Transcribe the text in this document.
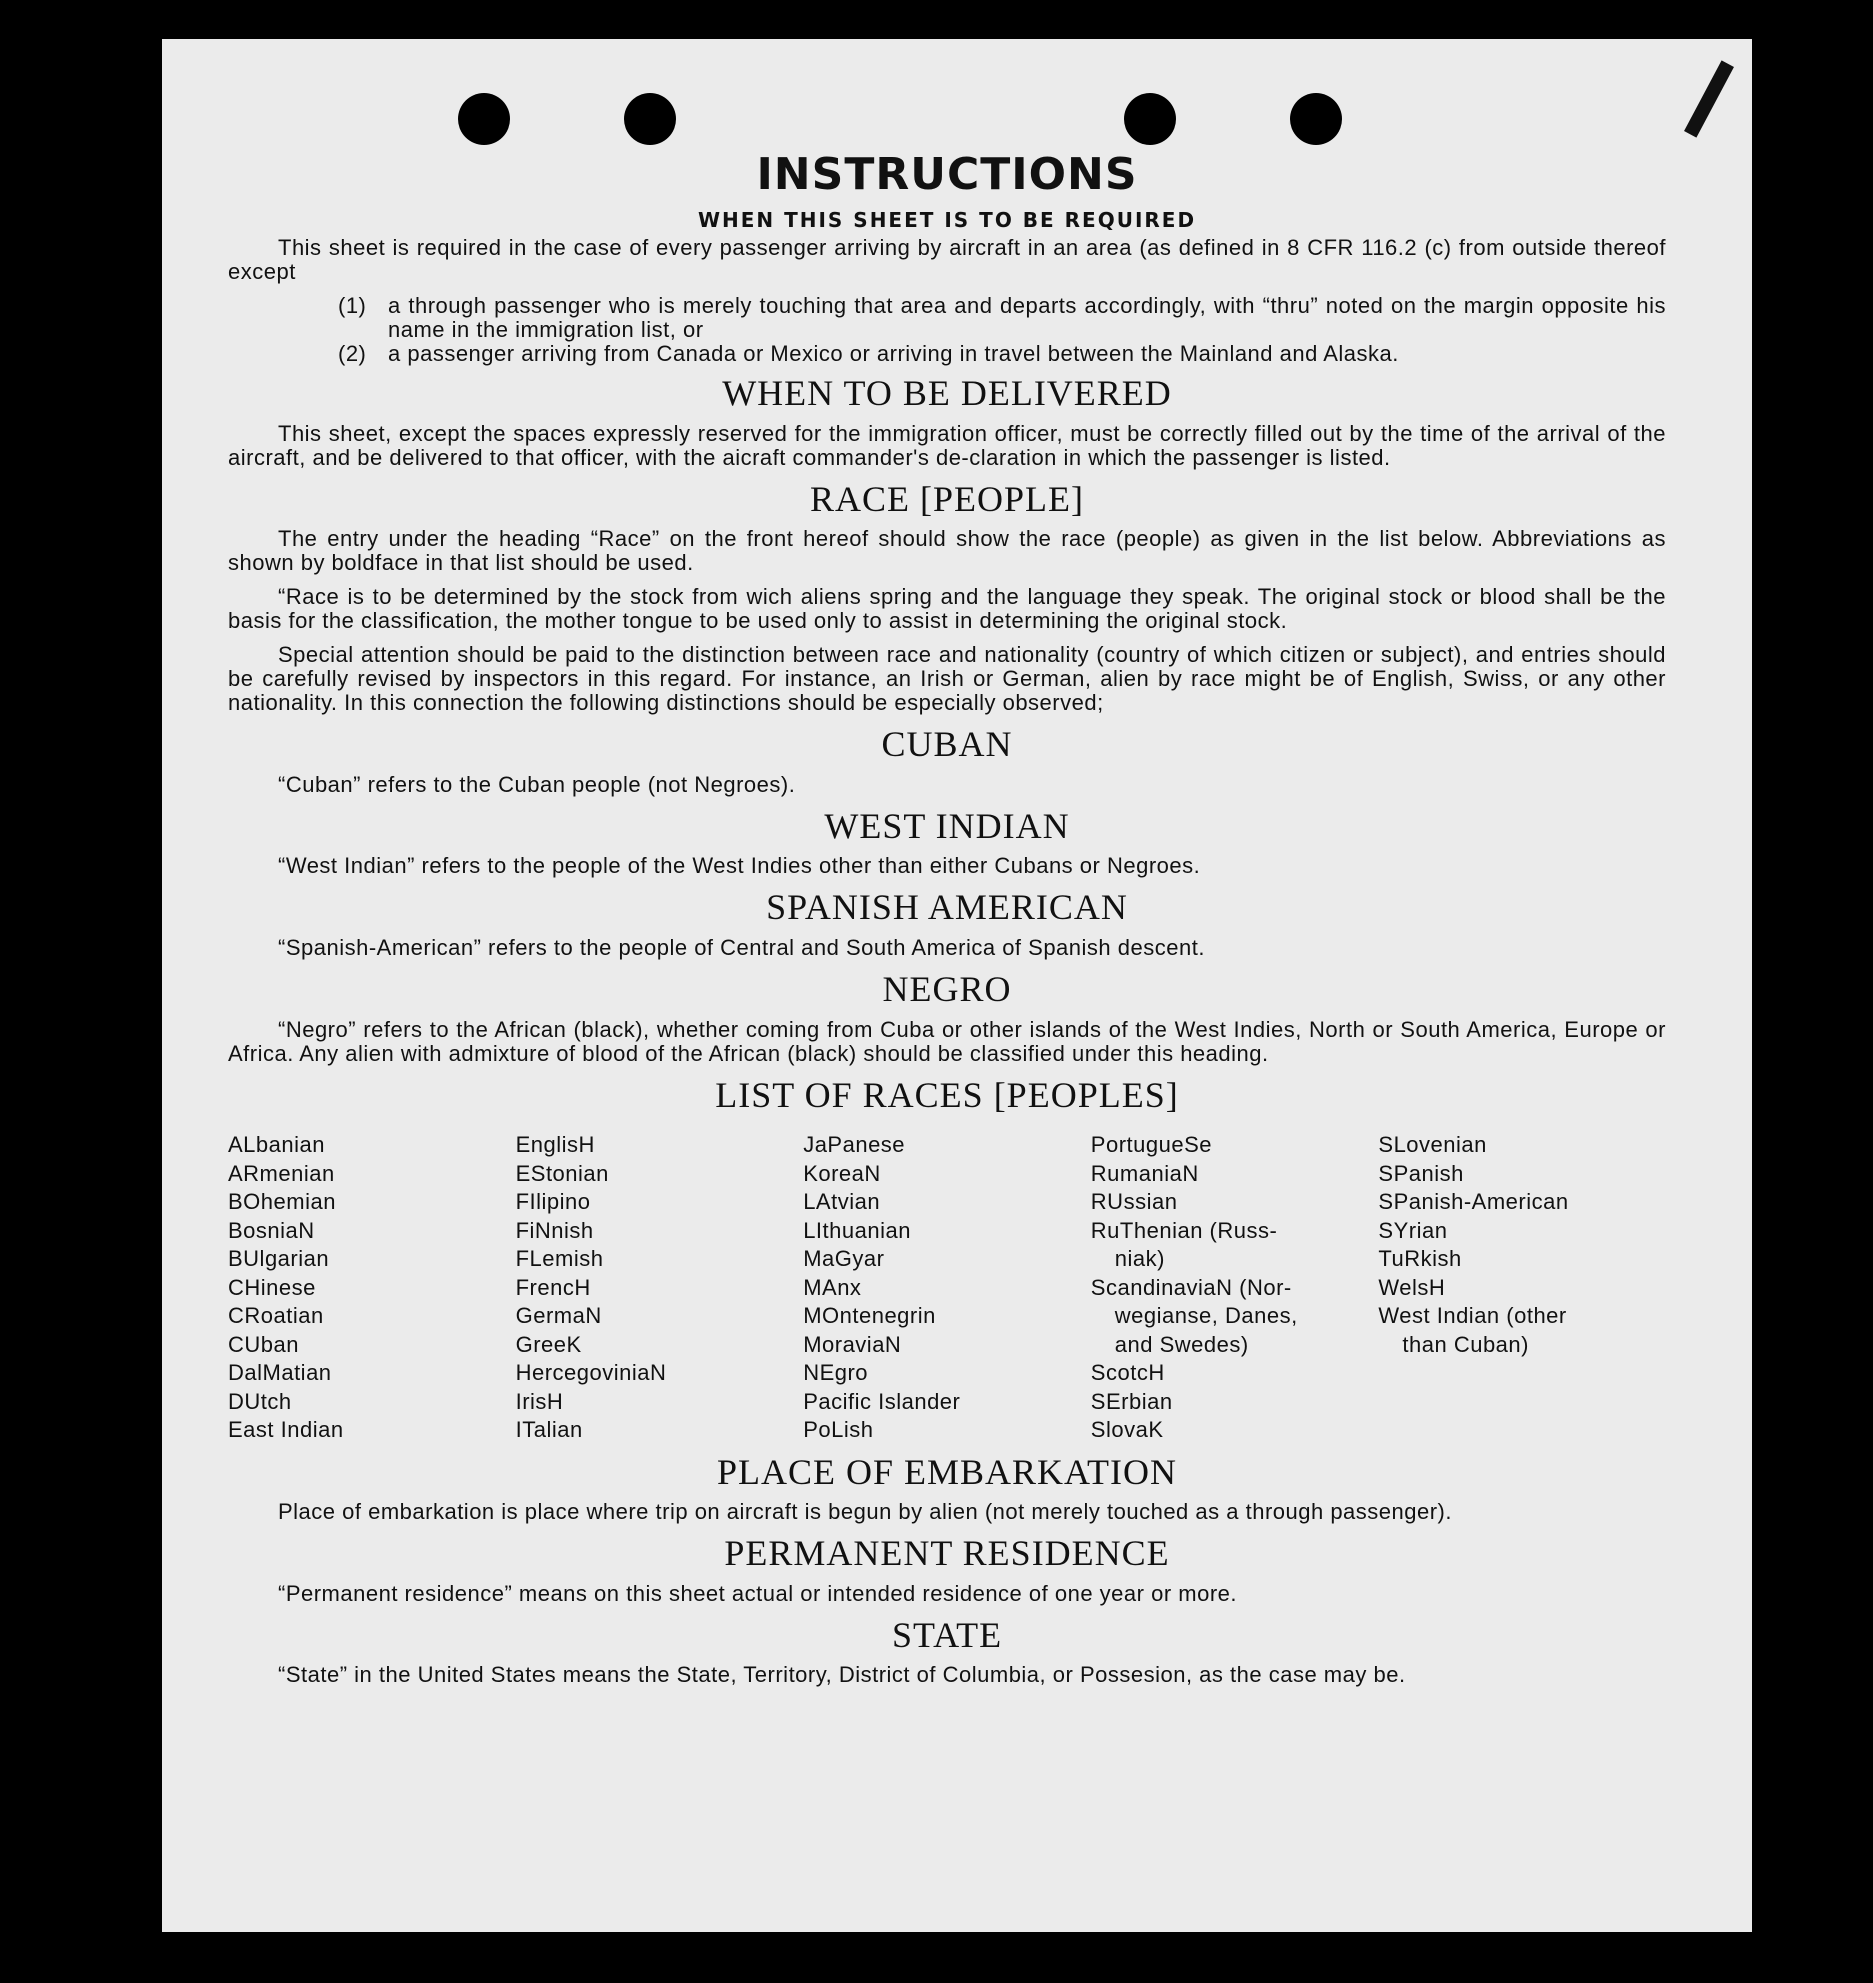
INSTRUCTIONS
WHEN THIS SHEET IS TO BE REQUIRED

This sheet is required in the case of every passenger arriving by aircraft in an area (as defined in 8 CFR 116.2 (c) from outside thereof except

(1) a through passenger who is merely touching that area and departs accordingly, with “thru” noted on the margin opposite his name in the immigration list, or
(2) a passenger arriving from Canada or Mexico or arriving in travel between the Mainland and Alaska.
WHEN TO BE DELIVERED

This sheet, except the spaces expressly reserved for the immigration officer, must be correctly filled out by the time of the arrival of the aircraft, and be delivered to that officer, with the aicraft commander's de-claration in which the passenger is listed.

RACE [PEOPLE]

The entry under the heading “Race” on the front hereof should show the race (people) as given in the list below. Abbreviations as shown by boldface in that list should be used.

“Race is to be determined by the stock from wich aliens spring and the language they speak. The original stock or blood shall be the basis for the classification, the mother tongue to be used only to assist in determining the original stock.

Special attention should be paid to the distinction between race and nationality (country of which citizen or subject), and entries should be carefully revised by inspectors in this regard. For instance, an Irish or German, alien by race might be of English, Swiss, or any other nationality. In this connection the following distinctions should be especially observed;

CUBAN

“Cuban” refers to the Cuban people (not Negroes).

WEST INDIAN

“West Indian” refers to the people of the West Indies other than either Cubans or Negroes.

SPANISH AMERICAN

“Spanish-American” refers to the people of Central and South America of Spanish descent.

NEGRO

“Negro” refers to the African (black), whether coming from Cuba or other islands of the West Indies, North or South America, Europe or Africa. Any alien with admixture of blood of the African (black) should be classified under this heading.

LIST OF RACES [PEOPLES]
ALbanian
ARmenian
BOhemian
BosniaN
BUlgarian
CHinese
CRoatian
CUban
DalMatian
DUtch
East Indian
EnglisH
EStonian
FIlipino
FiNnish
FLemish
FrencH
GermaN
GreeK
HercegoviniaN
IrisH
ITalian
JaPanese
KoreaN
LAtvian
LIthuanian
MaGyar
MAnx
MOntenegrin
MoraviaN
NEgro
Pacific Islander
PoLish
PortugueSe
RumaniaN
RUssian
RuThenian (Russ-
niak)
ScandinaviaN (Nor-
wegianse, Danes,
and Swedes)
ScotcH
SErbian
SlovaK
SLovenian
SPanish
SPanish-American
SYrian
TuRkish
WelsH
West Indian (other
than Cuban)
PLACE OF EMBARKATION

Place of embarkation is place where trip on aircraft is begun by alien (not merely touched as a through passenger).

PERMANENT RESIDENCE

“Permanent residence” means on this sheet actual or intended residence of one year or more.

STATE

“State” in the United States means the State, Territory, District of Columbia, or Possesion, as the case may be.
